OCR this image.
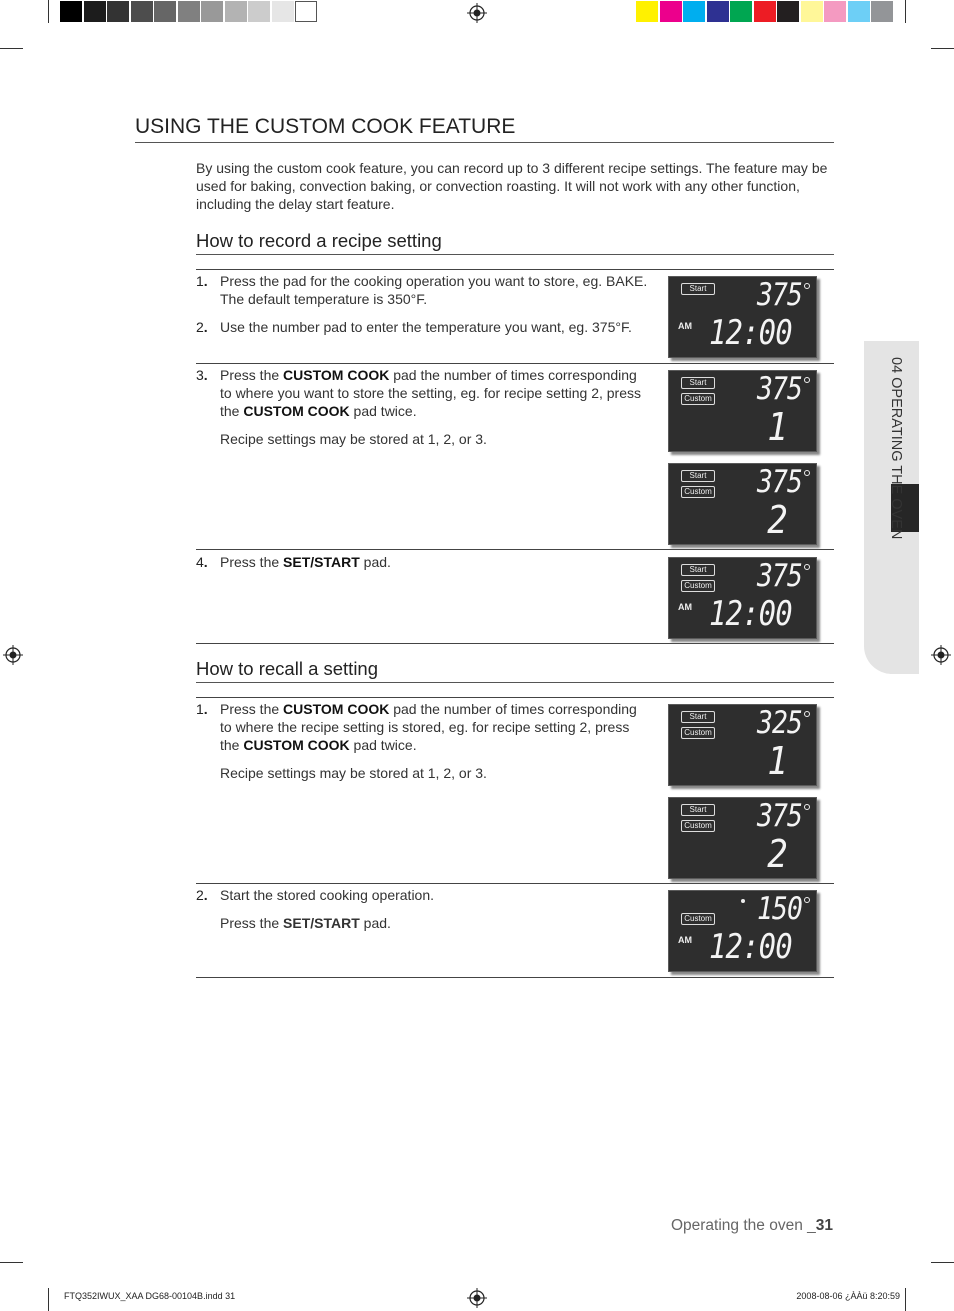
04 OPERATING THE OVEN
USING THE CUSTOM COOK FEATURE
By using the custom cook feature, you can record up to 3 different recipe settings. The feature may be used for baking, convection baking, or convection roasting. It will not work with any other function, including the delay start feature.
How to record a recipe setting
1. Press the pad for the cooking operation you want to store, eg. BAKE. The default temperature is 350°F.
2. Use the number pad to enter the temperature you want, eg. 375°F.
3. Press the CUSTOM COOK pad the number of times corresponding to where you want to store the setting, eg. for recipe setting 2, press the CUSTOM COOK pad twice.
Recipe settings may be stored at 1, 2, or 3.
4. Press the SET/START pad.
How to recall a setting
1. Press the CUSTOM COOK pad the number of times corresponding to where the recipe setting is stored, eg. for recipe setting 2, press the CUSTOM COOK pad twice.
Recipe settings may be stored at 1, 2, or 3.
2. Start the stored cooking operation.
Press the SET/START pad.
Start 375
AM 12:00
Start
Custom 375
1
Start
Custom 375
2
Start
Custom 375
AM 12:00
Start
Custom 325
1
Start
Custom 375
2
Custom 150
AM 12:00
Operating the oven _31
FTQ352IWUX_XAA DG68-00104B.indd 31	2008-08-06 ¿ÀÀü 8:20:59
